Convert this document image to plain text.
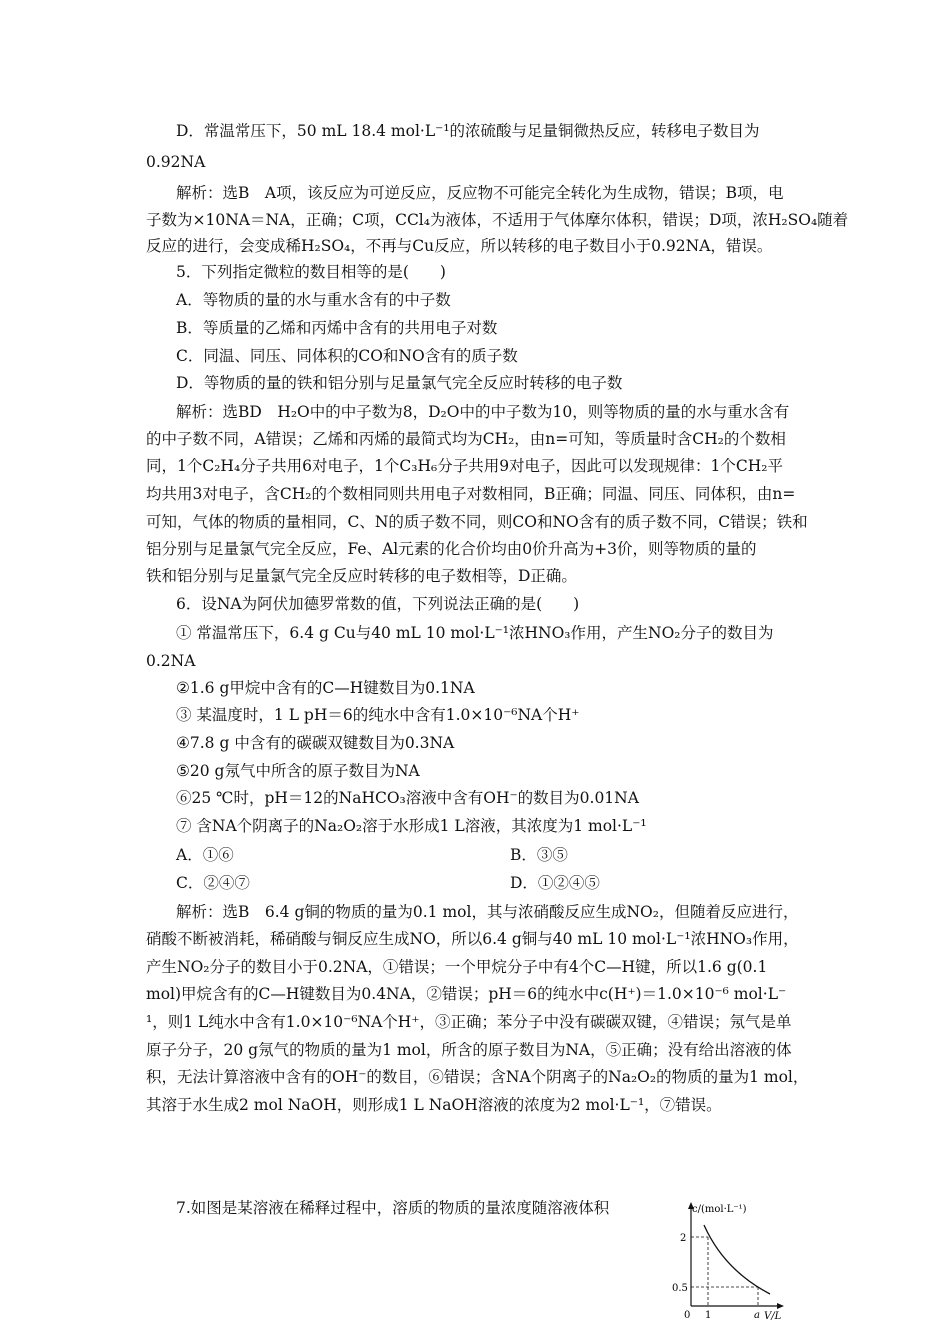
D．常温常压下，50 mL 18.4 mol·L⁻¹的浓硫酸与足量铜微热反应，转移电子数目为
0.92NA
解析：选B　A项，该反应为可逆反应，反应物不可能完全转化为生成物，错误；B项，电
子数为×10NA＝NA，正确；C项，CCl₄为液体，不适用于气体摩尔体积，错误；D项，浓H₂SO₄随着
反应的进行，会变成稀H₂SO₄，不再与Cu反应，所以转移的电子数目小于0.92NA，错误。
5．下列指定微粒的数目相等的是(　　)
A．等物质的量的水与重水含有的中子数
B．等质量的乙烯和丙烯中含有的共用电子对数
C．同温、同压、同体积的CO和NO含有的质子数
D．等物质的量的铁和铝分别与足量氯气完全反应时转移的电子数
解析：选BD　H₂O中的中子数为8，D₂O中的中子数为10，则等物质的量的水与重水含有
的中子数不同，A错误；乙烯和丙烯的最简式均为CH₂，由n=可知，等质量时含CH₂的个数相
同，1个C₂H₄分子共用6对电子，1个C₃H₆分子共用9对电子，因此可以发现规律：1个CH₂平
均共用3对电子，含CH₂的个数相同则共用电子对数相同，B正确；同温、同压、同体积，由n=
可知，气体的物质的量相同，C、N的质子数不同，则CO和NO含有的质子数不同，C错误；铁和
铝分别与足量氯气完全反应，Fe、Al元素的化合价均由0价升高为+3价，则等物质的量的
铁和铝分别与足量氯气完全反应时转移的电子数相等，D正确。
6．设NA为阿伏加德罗常数的值，下列说法正确的是(　　)
① 常温常压下，6.4 g Cu与40 mL 10 mol·L⁻¹浓HNO₃作用，产生NO₂分子的数目为
0.2NA
②1.6 g甲烷中含有的C—H键数目为0.1NA
③ 某温度时，1 L pH＝6的纯水中含有1.0×10⁻⁶NA个H⁺
④7.8 g 中含有的碳碳双键数目为0.3NA
⑤20 g氖气中所含的原子数目为NA
⑥25 ℃时，pH＝12的NaHCO₃溶液中含有OH⁻的数目为0.01NA
⑦ 含NA个阴离子的Na₂O₂溶于水形成1 L溶液，其浓度为1 mol·L⁻¹
A．①⑥	B．③⑤
C．②④⑦	D．①②④⑤
解析：选B　6.4 g铜的物质的量为0.1 mol，其与浓硝酸反应生成NO₂，但随着反应进行，
硝酸不断被消耗，稀硝酸与铜反应生成NO，所以6.4 g铜与40 mL 10 mol·L⁻¹浓HNO₃作用，
产生NO₂分子的数目小于0.2NA，①错误；一个甲烷分子中有4个C—H键，所以1.6 g(0.1
mol)甲烷含有的C—H键数目为0.4NA，②错误；pH＝6的纯水中c(H⁺)＝1.0×10⁻⁶ mol·L⁻
¹，则1 L纯水中含有1.0×10⁻⁶NA个H⁺，③正确；苯分子中没有碳碳双键，④错误；氖气是单
原子分子，20 g氖气的物质的量为1 mol，所含的原子数目为NA，⑤正确；没有给出溶液的体
积，无法计算溶液中含有的OH⁻的数目，⑥错误；含NA个阴离子的Na₂O₂的物质的量为1 mol，
其溶于水生成2 mol NaOH，则形成1 L NaOH溶液的浓度为2 mol·L⁻¹，⑦错误。
7.如图是某溶液在稀释过程中，溶质的物质的量浓度随溶液体积	c/(mol·L⁻¹)
2
0.5
0 1	a V/L
